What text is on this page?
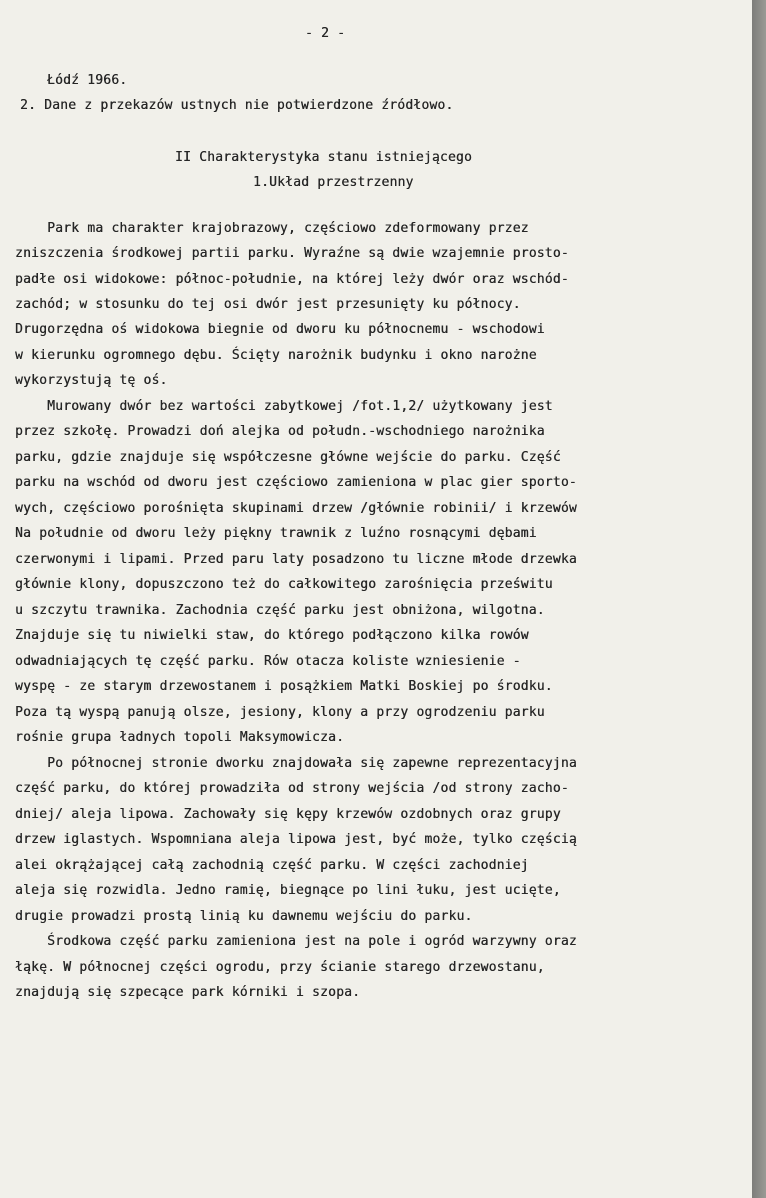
- 2 -
Łódź 1966.
2. Dane z przekazów ustnych nie potwierdzone źródłowo.
II Charakterystyka stanu istniejącego
1.Układ przestrzenny
Park ma charakter krajobrazowy, częściowo zdeformowany przez
zniszczenia środkowej partii parku. Wyraźne są dwie wzajemnie prosto-
padłe osi widokowe: północ-południe, na której leży dwór oraz wschód-
zachód; w stosunku do tej osi dwór jest przesunięty ku północy.
Drugorzędna oś widokowa biegnie od dworu ku północnemu - wschodowi
w kierunku ogromnego dębu. Ścięty narożnik budynku i okno narożne
wykorzystują tę oś.
Murowany dwór bez wartości zabytkowej /fot.1,2/ użytkowany jest
przez szkołę. Prowadzi doń alejka od połudn.-wschodniego narożnika
parku, gdzie znajduje się współczesne główne wejście do parku. Część
parku na wschód od dworu jest częściowo zamieniona w plac gier sporto-
wych, częściowo porośnięta skupinami drzew /głównie robinii/ i krzewów
Na południe od dworu leży piękny trawnik z luźno rosnącymi dębami
czerwonymi i lipami. Przed paru laty posadzono tu liczne młode drzewka
głównie klony, dopuszczono też do całkowitego zarośnięcia prześwitu
u szczytu trawnika. Zachodnia część parku jest obniżona, wilgotna.
Znajduje się tu niwielki staw, do którego podłączono kilka rowów
odwadniających tę część parku. Rów otacza koliste wzniesienie -
wyspę - ze starym drzewostanem i posążkiem Matki Boskiej po środku.
Poza tą wyspą panują olsze, jesiony, klony a przy ogrodzeniu parku
rośnie grupa ładnych topoli Maksymowicza.
Po północnej stronie dworku znajdowała się zapewne reprezentacyjna
część parku, do której prowadziła od strony wejścia /od strony zacho-
dniej/ aleja lipowa. Zachowały się kępy krzewów ozdobnych oraz grupy
drzew iglastych. Wspomniana aleja lipowa jest, być może, tylko częścią
alei okrążającej całą zachodnią część parku. W części zachodniej
aleja się rozwidla. Jedno ramię, biegnące po lini łuku, jest ucięte,
drugie prowadzi prostą linią ku dawnemu wejściu do parku.
Środkowa część parku zamieniona jest na pole i ogród warzywny oraz
łąkę. W północnej części ogrodu, przy ścianie starego drzewostanu,
znajdują się szpecące park kórniki i szopa.
